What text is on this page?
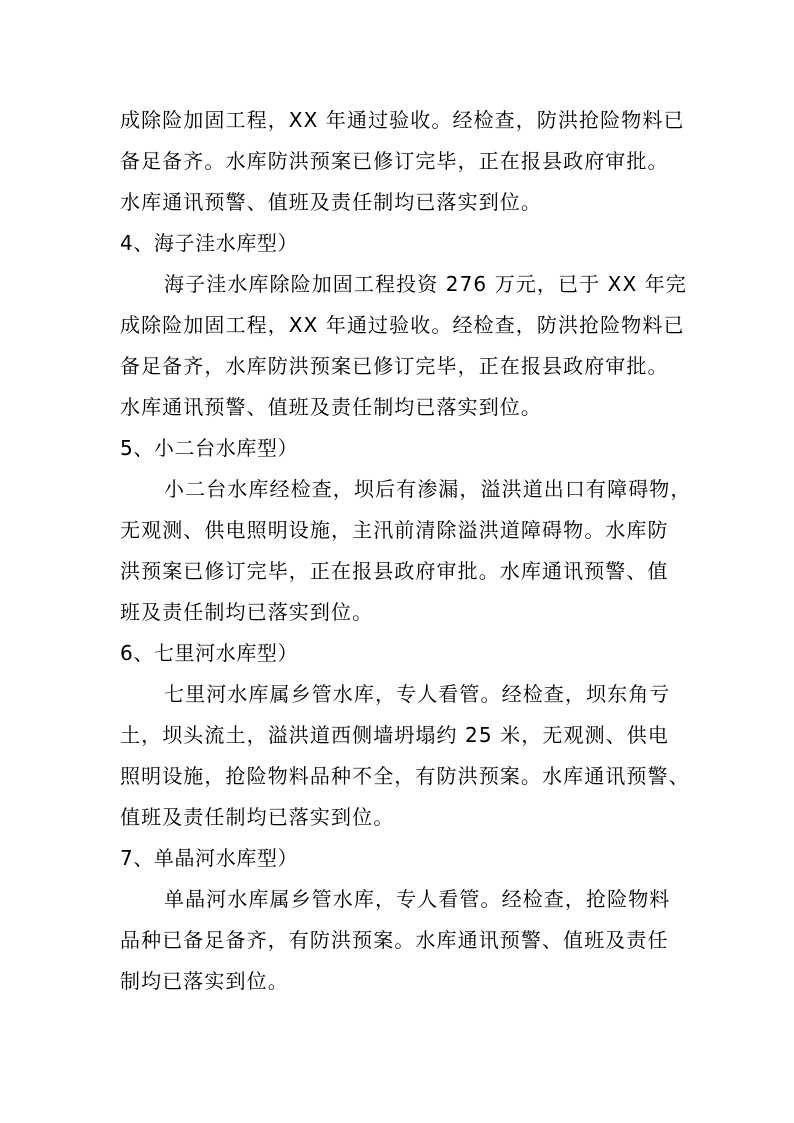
成除险加固工程，XX 年通过验收。经检查，防洪抢险物料已
备足备齐。水库防洪预案已修订完毕，正在报县政府审批。
水库通讯预警、值班及责任制均已落实到位。
4、海子洼水库型）
海子洼水库除险加固工程投资 276 万元，已于 XX 年完
成除险加固工程，XX 年通过验收。经检查，防洪抢险物料已
备足备齐，水库防洪预案已修订完毕，正在报县政府审批。
水库通讯预警、值班及责任制均已落实到位。
5、小二台水库型）
小二台水库经检查，坝后有渗漏，溢洪道出口有障碍物，
无观测、供电照明设施，主汛前清除溢洪道障碍物。水库防
洪预案已修订完毕，正在报县政府审批。水库通讯预警、值
班及责任制均已落实到位。
6、七里河水库型）
七里河水库属乡管水库，专人看管。经检查，坝东角亏
土，坝头流土，溢洪道西侧墙坍塌约 25 米，无观测、供电
照明设施，抢险物料品种不全，有防洪预案。水库通讯预警、
值班及责任制均已落实到位。
7、单晶河水库型）
单晶河水库属乡管水库，专人看管。经检查，抢险物料
品种已备足备齐，有防洪预案。水库通讯预警、值班及责任
制均已落实到位。
